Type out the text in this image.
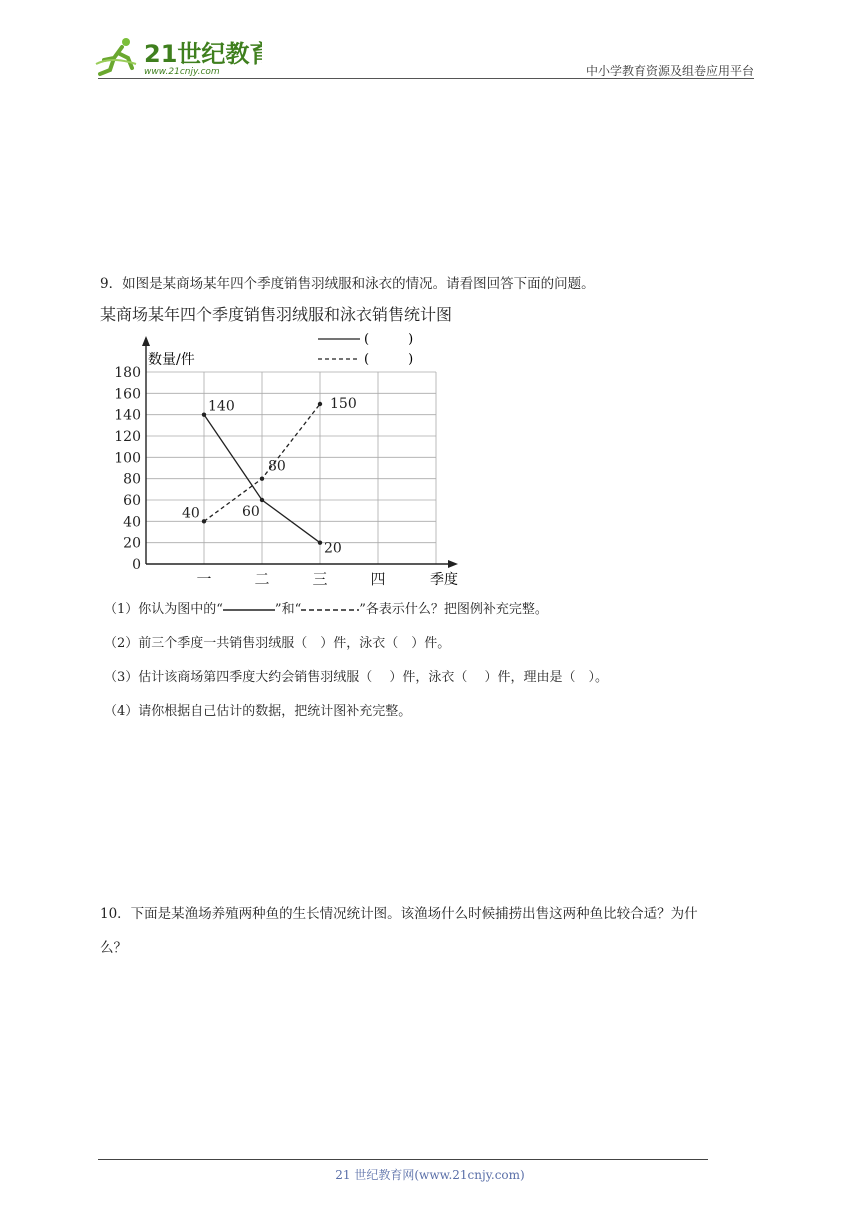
21世纪教育
www.21cnjy.com	中小学教育资源及组卷应用平台
9．如图是某商场某年四个季度销售羽绒服和泳衣的情况。请看图回答下面的问题。
某商场某年四个季度销售羽绒服和泳衣销售统计图
(　　　)
(　　　)
数量/件
季度
0
20
40
60
80
100
120
140
160
180
一	二	三	四
140
60
20
40
80
150
（1）你认为图中的“	”和“	”各表示什么？把图例补充完整。
（2）前三个季度一共销售羽绒服（　）件，泳衣（　）件。
（3）估计该商场第四季度大约会销售羽绒服（　 ）件，泳衣（　 ）件，理由是（　）。
（4）请你根据自己估计的数据，把统计图补充完整。
10．下面是某渔场养殖两种鱼的生长情况统计图。该渔场什么时候捕捞出售这两种鱼比较合适？为什
么？
21 世纪教育网(www.21cnjy.com)
